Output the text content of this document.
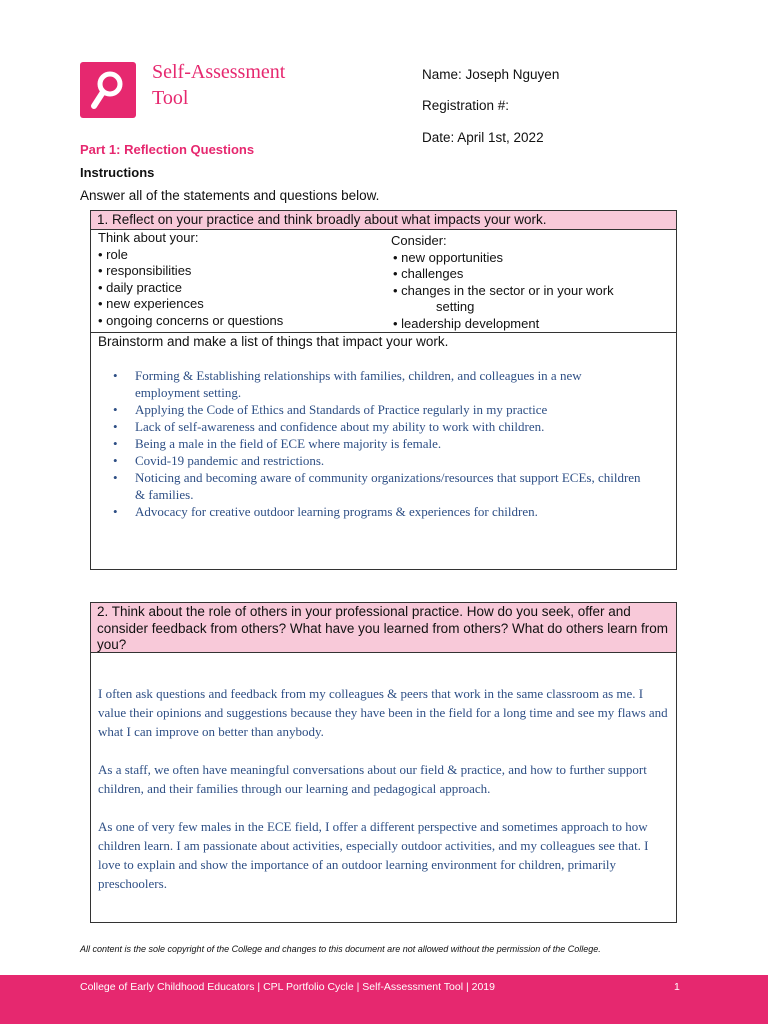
Self-Assessment
Tool
Name: Joseph Nguyen
Registration #:
Date: April 1st, 2022
Part 1: Reflection Questions
Instructions
Answer all of the statements and questions below.
1. Reflect on your practice and think broadly about what impacts your work.
Think about your:
• role
• responsibilities
• daily practice
• new experiences
• ongoing concerns or questions
Consider:
• new opportunities
• challenges
• changes in the sector or in your work
setting
• leadership development
Brainstorm and make a list of things that impact your work.
• Forming & Establishing relationships with families, children, and colleagues in a new employment setting.
• Applying the Code of Ethics and Standards of Practice regularly in my practice
• Lack of self-awareness and confidence about my ability to work with children.
• Being a male in the field of ECE where majority is female.
• Covid-19 pandemic and restrictions.
• Noticing and becoming aware of community organizations/resources that support ECEs, children & families.
• Advocacy for creative outdoor learning programs & experiences for children.
2. Think about the role of others in your professional practice. How do you seek, offer and consider feedback from others? What have you learned from others? What do others learn from you?

I often ask questions and feedback from my colleagues & peers that work in the same classroom as me. I value their opinions and suggestions because they have been in the field for a long time and see my flaws and what I can improve on better than anybody.

As a staff, we often have meaningful conversations about our field & practice, and how to further support children, and their families through our learning and pedagogical approach.

As one of very few males in the ECE field, I offer a different perspective and sometimes approach to how children learn. I am passionate about activities, especially outdoor activities, and my colleagues see that. I love to explain and show the importance of an outdoor learning environment for children, primarily preschoolers.

All content is the sole copyright of the College and changes to this document are not allowed without the permission of the College.
College of Early Childhood Educators | CPL Portfolio Cycle | Self-Assessment Tool | 2019	1
